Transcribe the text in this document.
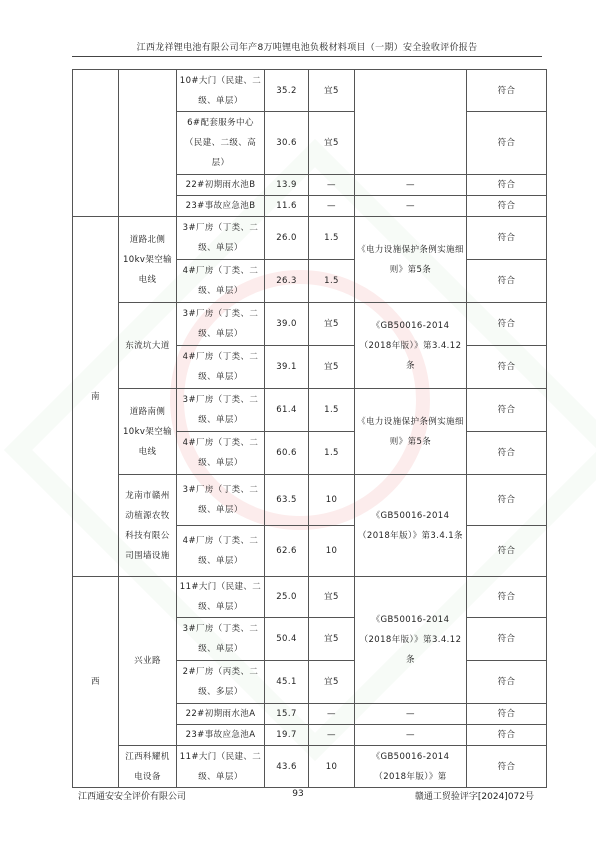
江西龙祥锂电池有限公司年产8万吨锂电池负极材料项目（一期）安全验收评价报告
		10#大门（民建、二级、单层）	35.2	宜5		符合
		6#配套服务中心（民建、二级、高层）	30.6	宜5		符合
		22#初期雨水池B	13.9	—	—	符合
		23#事故应急池B	11.6	—	—	符合
南	道路北侧10kv架空输电线	3#厂房（丁类、二级、单层）	26.0	1.5	《电力设施保护条例实施细则》第5条	符合
		4#厂房（丁类、二级、单层）	26.3	1.5		符合
	东流坑大道	3#厂房（丁类、二级、单层）	39.0	宜5	《GB50016-2014（2018年版）》第3.4.12条	符合
		4#厂房（丁类、二级、单层）	39.1	宜5		符合
	道路南侧10kv架空输电线	3#厂房（丁类、二级、单层）	61.4	1.5	《电力设施保护条例实施细则》第5条	符合
		4#厂房（丁类、二级、单层）	60.6	1.5		符合
	龙南市赣州动植源农牧科技有限公司围墙设施	3#厂房（丁类、二级、单层）	63.5	10	《GB50016-2014（2018年版）》第3.4.1条	符合
		4#厂房（丁类、二级、单层）	62.6	10		符合
西	兴业路	11#大门（民建、二级、单层）	25.0	宜5	《GB50016-2014（2018年版）》第3.4.12条	符合
		3#厂房（丁类、二级、单层）	50.4	宜5		符合
		2#厂房（丙类、二级、多层）	45.1	宜5		符合
		22#初期雨水池A	15.7	—	—	符合
		23#事故应急池A	19.7	—	—	符合
	江西科耀机电设备	11#大门（民建、二级、单层）	43.6	10	《GB50016-2014（2018年版）》第	符合
江西通安安全评价有限公司	93	赣通工贸验评字[2024]072号
